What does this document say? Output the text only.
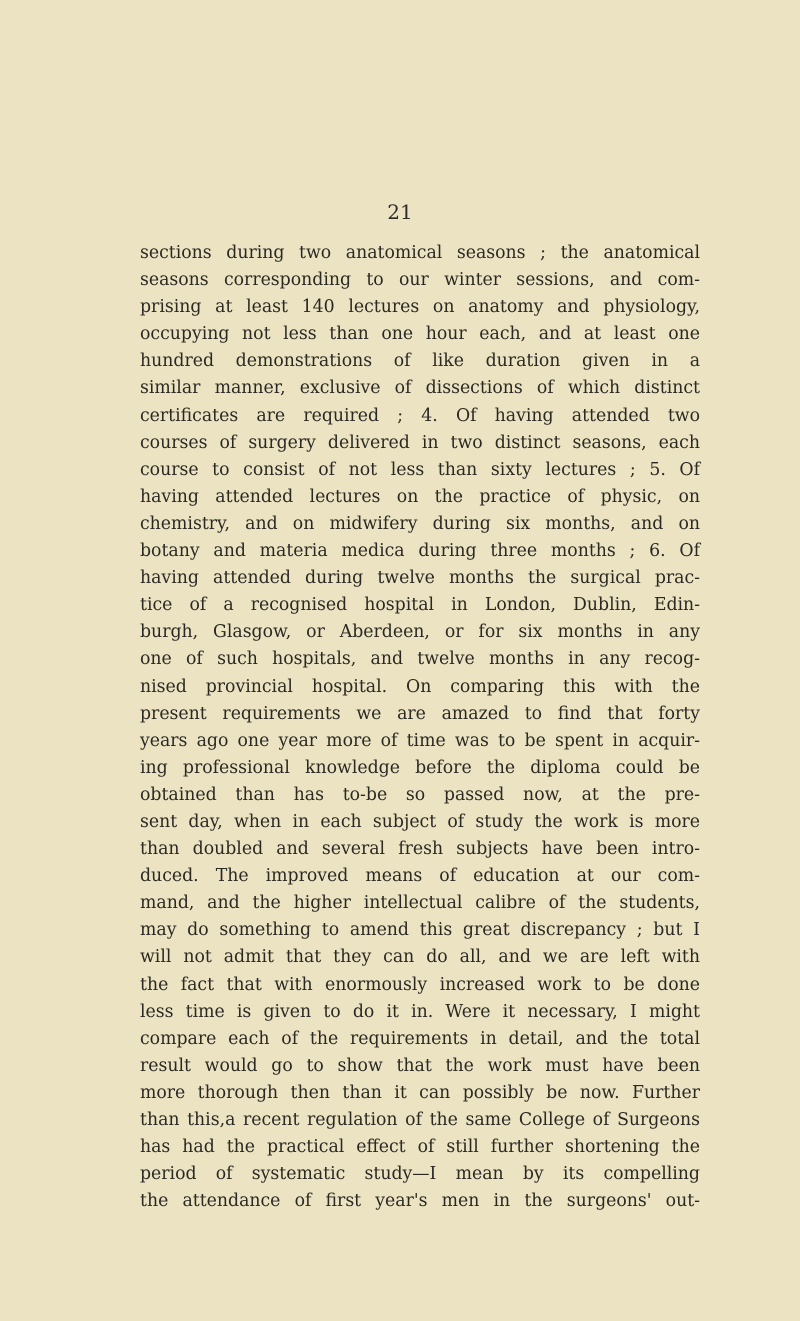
21
sections during two anatomical seasons ; the anatomical
seasons corresponding to our winter sessions, and com-
prising at least 140 lectures on anatomy and physiology,
occupying not less than one hour each, and at least one
hundred demonstrations of like duration given in a
similar manner, exclusive of dissections of which distinct
certificates are required ; 4. Of having attended two
courses of surgery delivered in two distinct seasons, each
course to consist of not less than sixty lectures ; 5. Of
having attended lectures on the practice of physic, on
chemistry, and on midwifery during six months, and on
botany and materia medica during three months ; 6. Of
having attended during twelve months the surgical prac-
tice of a recognised hospital in London, Dublin, Edin-
burgh, Glasgow, or Aberdeen, or for six months in any
one of such hospitals, and twelve months in any recog-
nised provincial hospital. On comparing this with the
present requirements we are amazed to find that forty
years ago one year more of time was to be spent in acquir-
ing professional knowledge before the diploma could be
obtained than has to-be so passed now, at the pre-
sent day, when in each subject of study the work is more
than doubled and several fresh subjects have been intro-
duced. The improved means of education at our com-
mand, and the higher intellectual calibre of the students,
may do something to amend this great discrepancy ; but I
will not admit that they can do all, and we are left with
the fact that with enormously increased work to be done
less time is given to do it in. Were it necessary, I might
compare each of the requirements in detail, and the total
result would go to show that the work must have been
more thorough then than it can possibly be now. Further
than this,a recent regulation of the same College of Surgeons
has had the practical effect of still further shortening the
period of systematic study—I mean by its compelling
the attendance of first year's men in the surgeons' out-
